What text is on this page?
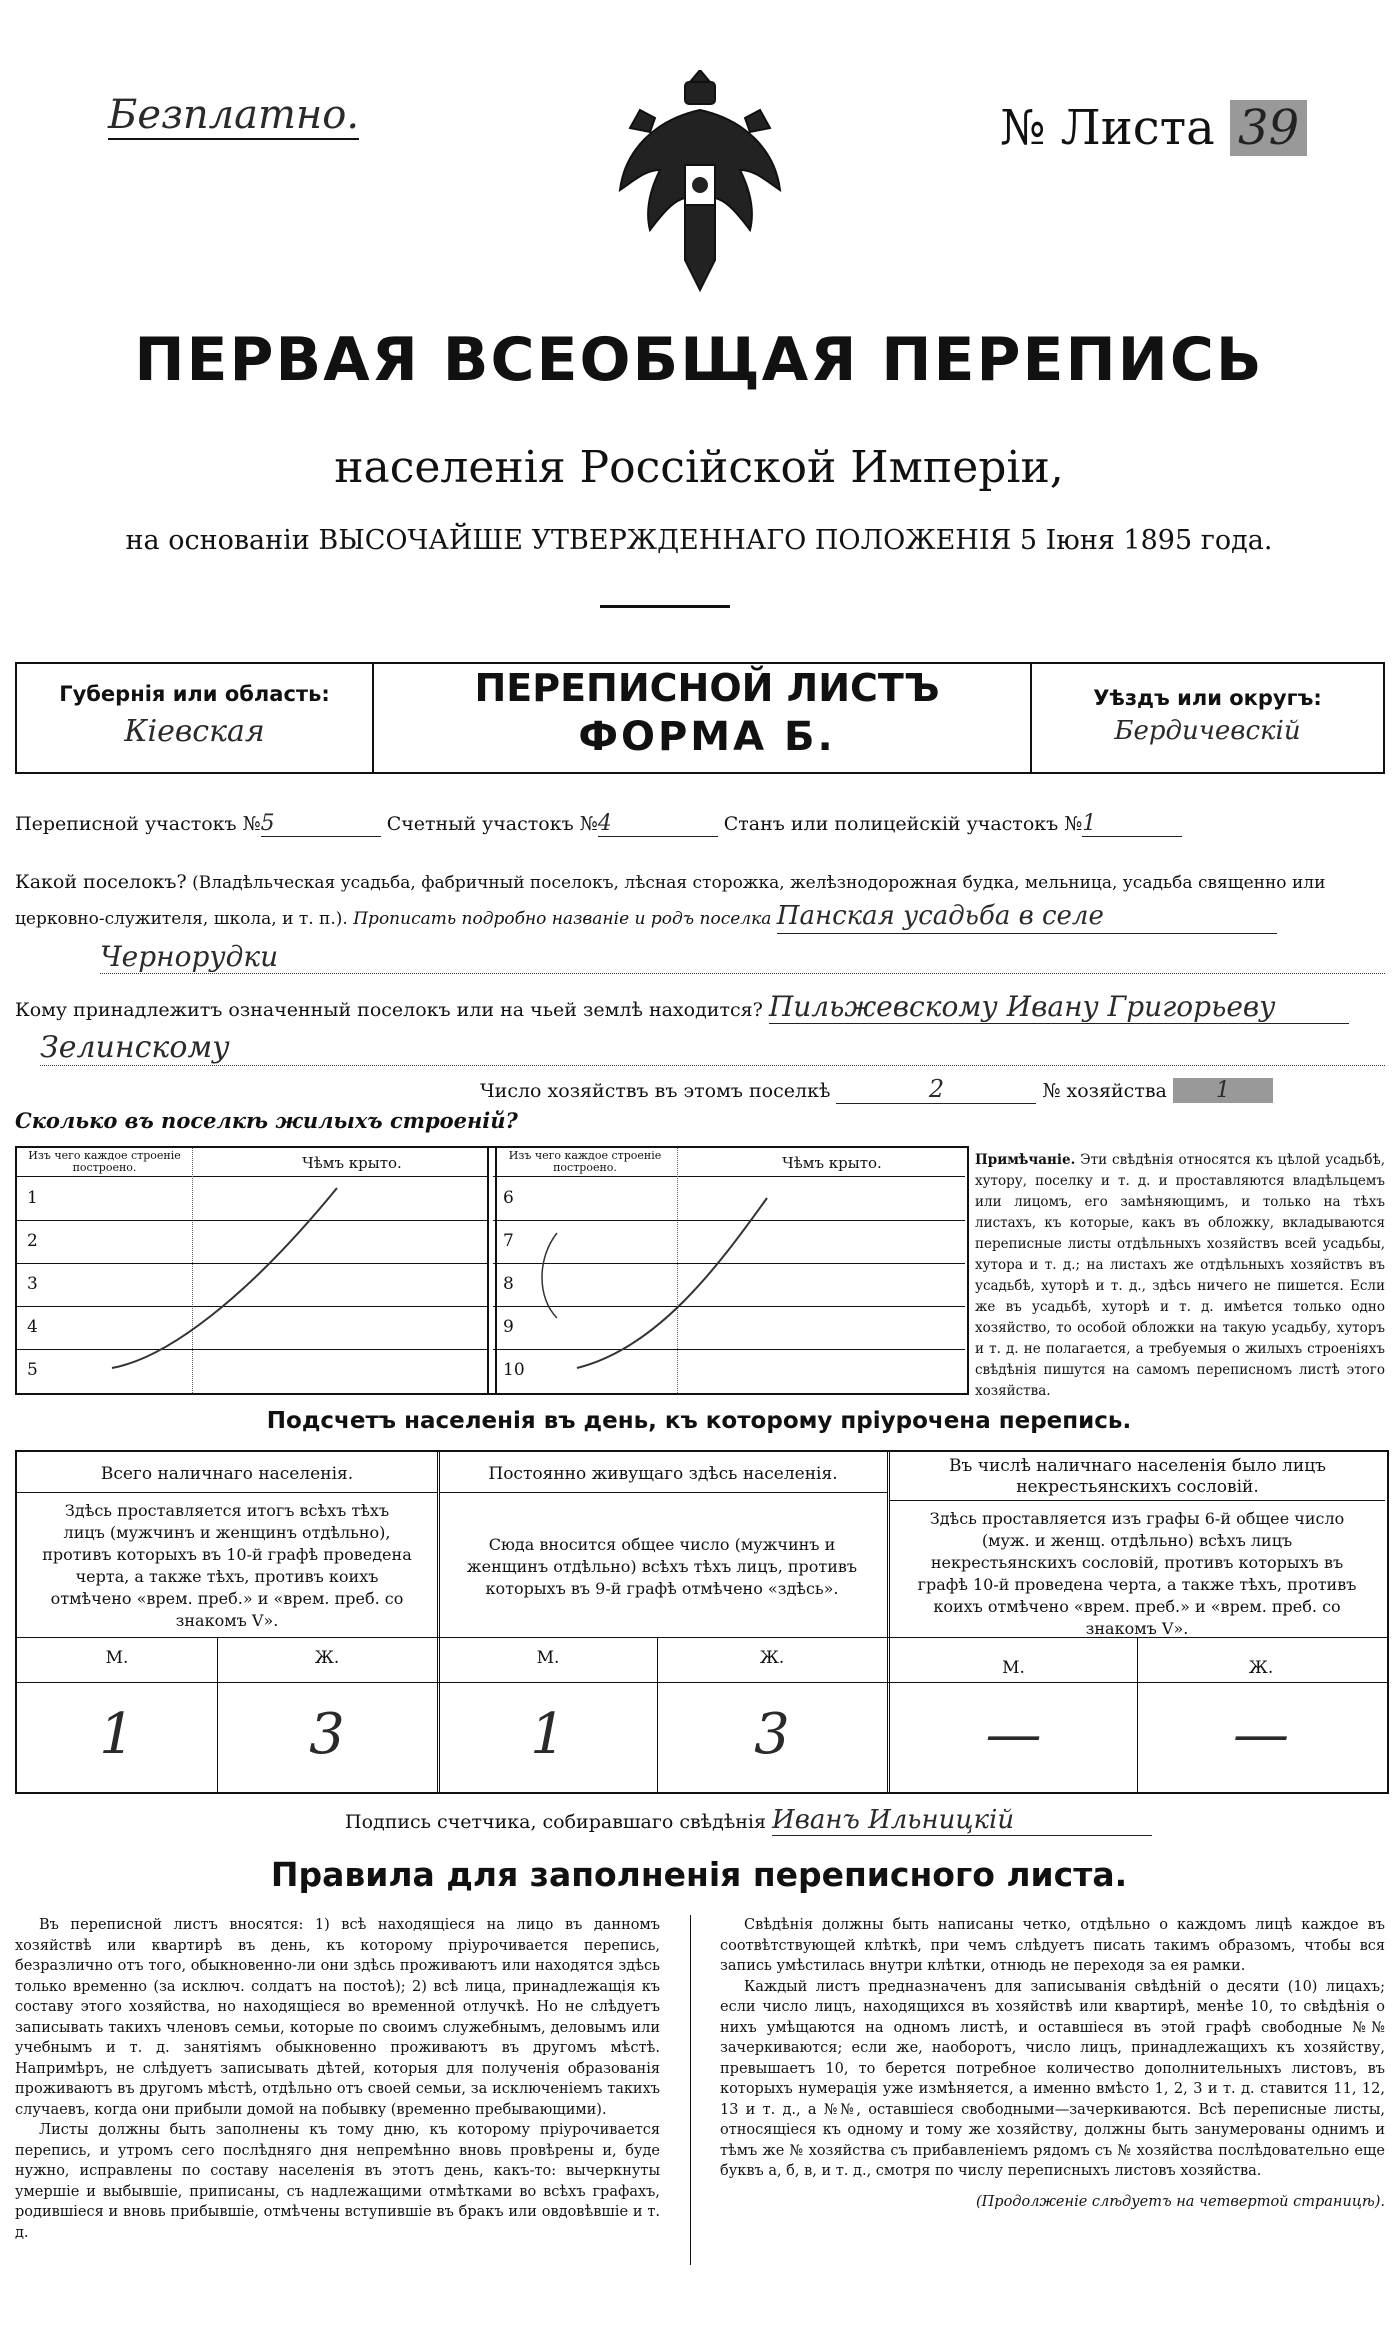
Безплатно.	№ Листа 39
ПЕРВАЯ ВСЕОБЩАЯ ПЕРЕПИСЬ
населенія Россійской Имперіи,
на основаніи ВЫСОЧАЙШЕ УТВЕРЖДЕННАГО ПОЛОЖЕНІЯ 5 Іюня 1895 года.
Губернія или область:
Кіевская
ПЕРЕПИСНОЙ ЛИСТЪ
ФОРМА Б.
Уѣздъ или округъ:
Бердичевскій
Переписной участокъ №5	Счетный участокъ №4	Станъ или полицейскій участокъ №1
Какой поселокъ? (Владѣльческая усадьба, фабричный поселокъ, лѣсная сторожка, желѣзнодорожная будка, мельница, усадьба священно или церковно-служителя, школа, и т. п.). Прописать подробно названіе и родъ поселка Панская усадьба в селе
Чернорудки
Кому принадлежитъ означенный поселокъ или на чьей землѣ находится? Пильжевскому Ивану Григорьеву
Зелинскому
Число хозяйствъ въ этомъ поселкѣ	2	№ хозяйства 1
Сколько въ поселкѣ жилыхъ строеній?
Изъ чего каждое строеніе построено.	Чѣмъ крыто.
1
2
3
4
5
Изъ чего каждое строеніе построено.	Чѣмъ крыто.
6
7
8
9
10
Примѣчаніе. Эти свѣдѣнія относятся къ цѣлой усадьбѣ, хутору, поселку и т. д. и проставляются владѣльцемъ или лицомъ, его замѣняющимъ, и только на тѣхъ листахъ, къ которые, какъ въ обложку, вкладываются переписные листы отдѣльныхъ хозяйствъ всей усадьбы, хутора и т. д.; на листахъ же отдѣльныхъ хозяйствъ въ усадьбѣ, хуторѣ и т. д., здѣсь ничего не пишется. Если же въ усадьбѣ, хуторѣ и т. д. имѣется только одно хозяйство, то особой обложки на такую усадьбу, хуторъ и т. д. не полагается, а требуемыя о жилыхъ строеніяхъ свѣдѣнія пишутся на самомъ переписномъ листѣ этого хозяйства.
Подсчетъ населенія въ день, къ которому пріурочена перепись.
Всего наличнаго населенія.
Здѣсь проставляется итогъ всѣхъ тѣхъ лицъ (мужчинъ и женщинъ отдѣльно), противъ которыхъ въ 10-й графѣ проведена черта, а также тѣхъ, противъ коихъ отмѣчено «врем. преб.» и «врем. преб. со знакомъ V».
Постоянно живущаго здѣсь населенія.
Сюда вносится общее число (мужчинъ и женщинъ отдѣльно) всѣхъ тѣхъ лицъ, противъ которыхъ въ 9-й графѣ отмѣчено «здѣсь».
Въ числѣ наличнаго населенія было лицъ некрестьянскихъ сословій.
Здѣсь проставляется изъ графы 6-й общее число (муж. и женщ. отдѣльно) всѣхъ лицъ некрестьянскихъ сословій, противъ которыхъ въ графѣ 10-й проведена черта, а также тѣхъ, противъ коихъ отмѣчено «врем. преб.» и «врем. преб. со знакомъ V».
М.	Ж.	М.	Ж.	М.	Ж.
1	3	1	3	—	—
Подпись счетчика, собиравшаго свѣдѣнія Иванъ Ильницкій
Правила для заполненія переписного листа.
Въ переписной листъ вносятся: 1) всѣ находящіеся на лицо въ данномъ хозяйствѣ или квартирѣ въ день, къ которому пріурочивается перепись, безразлично отъ того, обыкновенно-ли они здѣсь проживаютъ или находятся здѣсь только временно (за исключ. солдатъ на постоѣ); 2) всѣ лица, принадлежащія къ составу этого хозяйства, но находящіеся во временной отлучкѣ. Но не слѣдуетъ записывать такихъ членовъ семьи, которые по своимъ служебнымъ, деловымъ или учебнымъ и т. д. занятіямъ обыкновенно проживаютъ въ другомъ мѣстѣ. Напримѣръ, не слѣдуетъ записывать дѣтей, которыя для полученія образованія проживаютъ въ другомъ мѣстѣ, отдѣльно отъ своей семьи, за исключеніемъ такихъ случаевъ, когда они прибыли домой на побывку (временно пребывающими).
Листы должны быть заполнены къ тому дню, къ которому пріурочивается перепись, и утромъ сего послѣдняго дня непремѣнно вновь провѣрены и, буде нужно, исправлены по составу населенія въ этотъ день, какъ-то: вычеркнуты умершіе и выбывшіе, приписаны, съ надлежащими отмѣтками во всѣхъ графахъ, родившіеся и вновь прибывшіе, отмѣчены вступившіе въ бракъ или овдовѣвшіе и т. д.
Свѣдѣнія должны быть написаны четко, отдѣльно о каждомъ лицѣ каждое въ соотвѣтствующей клѣткѣ, при чемъ слѣдуетъ писать такимъ образомъ, чтобы вся запись умѣстилась внутри клѣтки, отнюдь не переходя за ея рамки.
Каждый листъ предназначенъ для записыванія свѣдѣній о десяти (10) лицахъ; если число лицъ, находящихся въ хозяйствѣ или квартирѣ, менѣе 10, то свѣдѣнія о нихъ умѣщаются на одномъ листѣ, и оставшіеся въ этой графѣ свободные №№ зачеркиваются; если же, наоборотъ, число лицъ, принадлежащихъ къ хозяйству, превышаетъ 10, то берется потребное количество дополнительныхъ листовъ, въ которыхъ нумерація уже измѣняется, а именно вмѣсто 1, 2, 3 и т. д. ставится 11, 12, 13 и т. д., а №№, оставшіеся свободными—зачеркиваются. Всѣ переписные листы, относящіеся къ одному и тому же хозяйству, должны быть занумерованы однимъ и тѣмъ же № хозяйства съ прибавленіемъ рядомъ съ № хозяйства послѣдовательно еще буквъ а, б, в, и т. д., смотря по числу переписныхъ листовъ хозяйства.
(Продолженіе слѣдуетъ на четвертой страницѣ).
